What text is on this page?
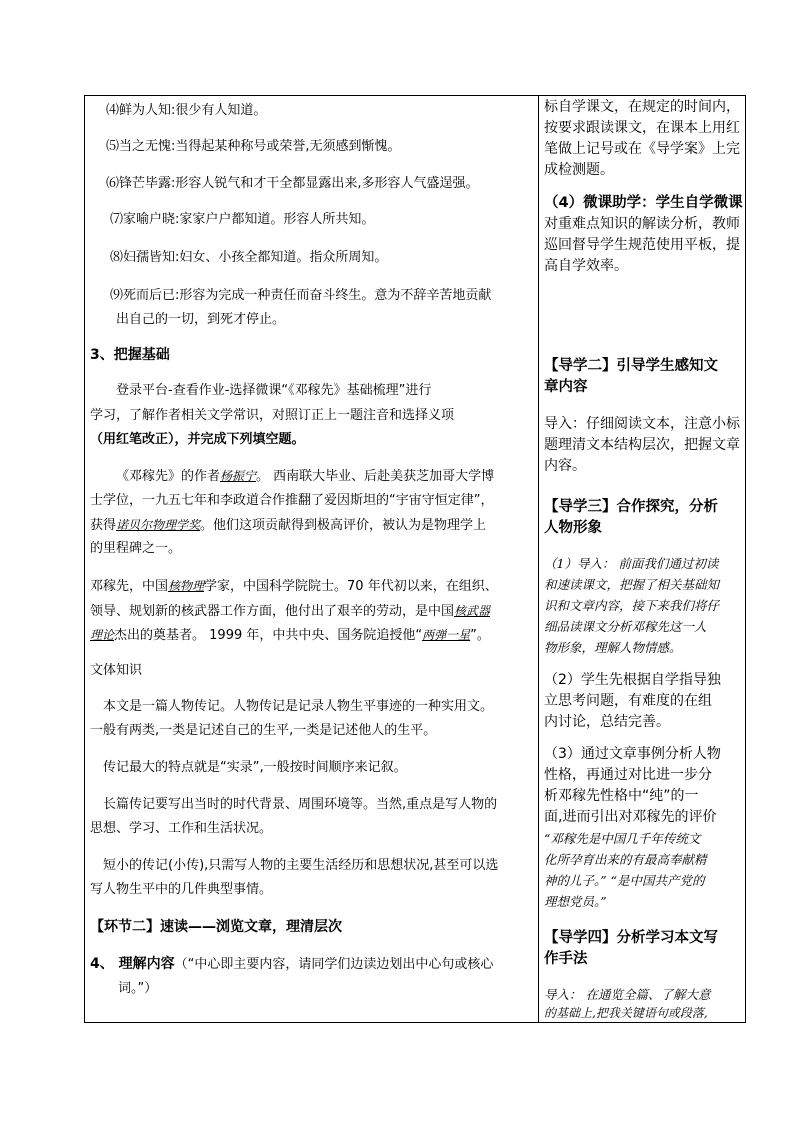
⑷鲜为人知:很少有人知道。
⑸当之无愧:当得起某种称号或荣誉,无须感到惭愧。
⑹锋芒毕露:形容人锐气和才干全都显露出来,多形容人气盛逞强。
⑺家喻户晓:家家户户都知道。形容人所共知。
⑻妇孺皆知:妇女、小孩全都知道。指众所周知。
⑼死而后已:形容为完成一种责任而奋斗终生。意为不辞辛苦地贡献
出自己的一切，到死才停止。
3、把握基础
登录平台-查看作业-选择微课“《邓稼先》基础梳理”进行
学习，了解作者相关文学常识，对照订正上一题注音和选择义项
（用红笔改正），并完成下列填空题。
《邓稼先》的作者杨振宁。 西南联大毕业、后赴美获芝加哥大学博
士学位，一九五七年和李政道合作推翻了爱因斯坦的“宇宙守恒定律”，
获得诺贝尔物理学奖。他们这项贡献得到极高评价，被认为是物理学上
的里程碑之一。
邓稼先，中国核物理学家，中国科学院院士。70 年代初以来，在组织、
领导、规划新的核武器工作方面，他付出了艰辛的劳动，是中国核武器
理论杰出的奠基者。 1999 年，中共中央、国务院追授他“两弹一星”。
文体知识
本文是一篇人物传记。人物传记是记录人物生平事迹的一种实用文。
一般有两类,一类是记述自己的生平,一类是记述他人的生平。
传记最大的特点就是“实录”,一般按时间顺序来记叙。
长篇传记要写出当时的时代背景、周围环境等。当然,重点是写人物的
思想、学习、工作和生活状况。
短小的传记(小传),只需写人物的主要生活经历和思想状况,甚至可以选
写人物生平中的几件典型事情。
【环节二】速读——浏览文章，理清层次
4、 理解内容（“中心即主要内容，请同学们边读边划出中心句或核心
词。”）
标自学课文，在规定的时间内，
按要求跟读课文，在课本上用红
笔做上记号或在《导学案》上完
成检测题。
（4）微课助学：学生自学微课
对重难点知识的解读分析，教师
巡回督导学生规范使用平板，提
高自学效率。
【导学二】引导学生感知文
章内容
导入：仔细阅读文本，注意小标
题理清文本结构层次，把握文章
内容。
【导学三】合作探究，分析
人物形象
（1）导入： 前面我们通过初读
和速读课文，把握了相关基础知
识和文章内容，接下来我们将仔
细品读课文分析邓稼先这一人
物形象，理解人物情感。
（2）学生先根据自学指导独
立思考问题，有难度的在组
内讨论，总结完善。
（3）通过文章事例分析人物
性格，再通过对比进一步分
析邓稼先性格中“纯”的一
面,进而引出对邓稼先的评价
“邓稼先是中国几千年传统文
化所孕育出来的有最高奉献精
神的儿子。” “是中国共产党的
理想党员。”
【导学四】分析学习本文写
作手法
导入： 在通览全篇、了解大意
的基础上,把我关键语句或段落,
